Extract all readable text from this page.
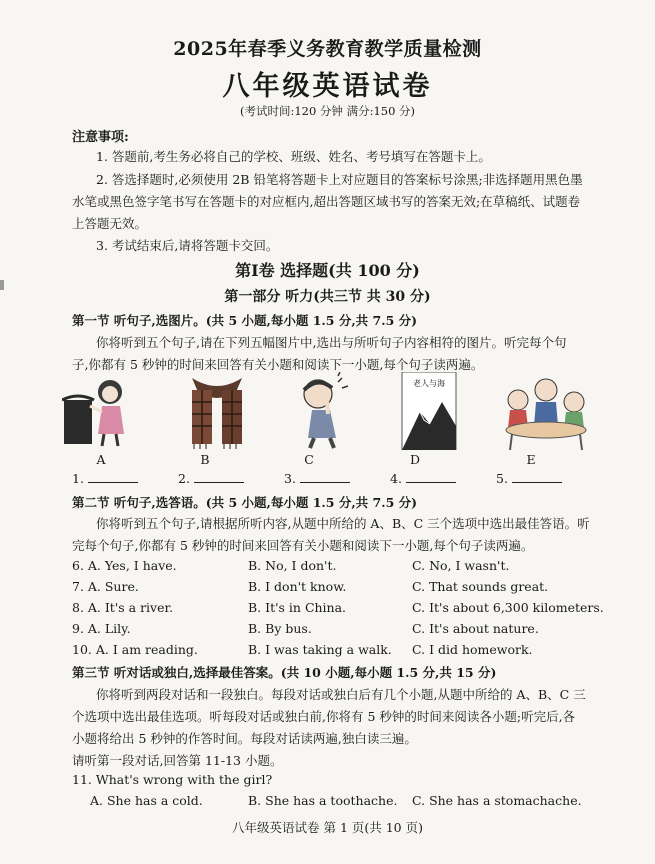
2025年春季义务教育教学质量检测
八年级英语试卷
(考试时间:120 分钟 满分:150 分)
注意事项:
1. 答题前,考生务必将自己的学校、班级、姓名、考号填写在答题卡上。
2. 答选择题时,必须使用 2B 铅笔将答题卡上对应题目的答案标号涂黑;非选择题用黑色墨
水笔或黑色签字笔书写在答题卡的对应框内,超出答题区域书写的答案无效;在草稿纸、试题卷
上答题无效。
3. 考试结束后,请将答题卡交回。
第Ⅰ卷 选择题(共 100 分)
第一部分 听力(共三节 共 30 分)
第一节 听句子,选图片。(共 5 小题,每小题 1.5 分,共 7.5 分)
你将听到五个句子,请在下列五幅图片中,选出与所听句子内容相符的图片。听完每个句
子,你都有 5 秒钟的时间来回答有关小题和阅读下一小题,每个句子读两遍。
老人与海
A	B	C	D	E
1.	2.	3.	4.	5.
第二节 听句子,选答语。(共 5 小题,每小题 1.5 分,共 7.5 分)
你将听到五个句子,请根据所听内容,从题中所给的 A、B、C 三个选项中选出最佳答语。听
完每个句子,你都有 5 秒钟的时间来回答有关小题和阅读下一小题,每个句子读两遍。
6. A. Yes, I have.	B. No, I don't.	C. No, I wasn't.
7. A. Sure.	B. I don't know.	C. That sounds great.
8. A. It's a river.	B. It's in China.	C. It's about 6,300 kilometers.
9. A. Lily.	B. By bus.	C. It's about nature.
10. A. I am reading.	B. I was taking a walk. C. I did homework.
第三节 听对话或独白,选择最佳答案。(共 10 小题,每小题 1.5 分,共 15 分)
你将听到两段对话和一段独白。每段对话或独白后有几个小题,从题中所给的 A、B、C 三
个选项中选出最佳选项。听每段对话或独白前,你将有 5 秒钟的时间来阅读各小题;听完后,各
小题将给出 5 秒钟的作答时间。每段对话读两遍,独白读三遍。
请听第一段对话,回答第 11-13 小题。
11. What's wrong with the girl?
A. She has a cold.	B. She has a toothache. C. She has a stomachache.
八年级英语试卷 第 1 页(共 10 页)
